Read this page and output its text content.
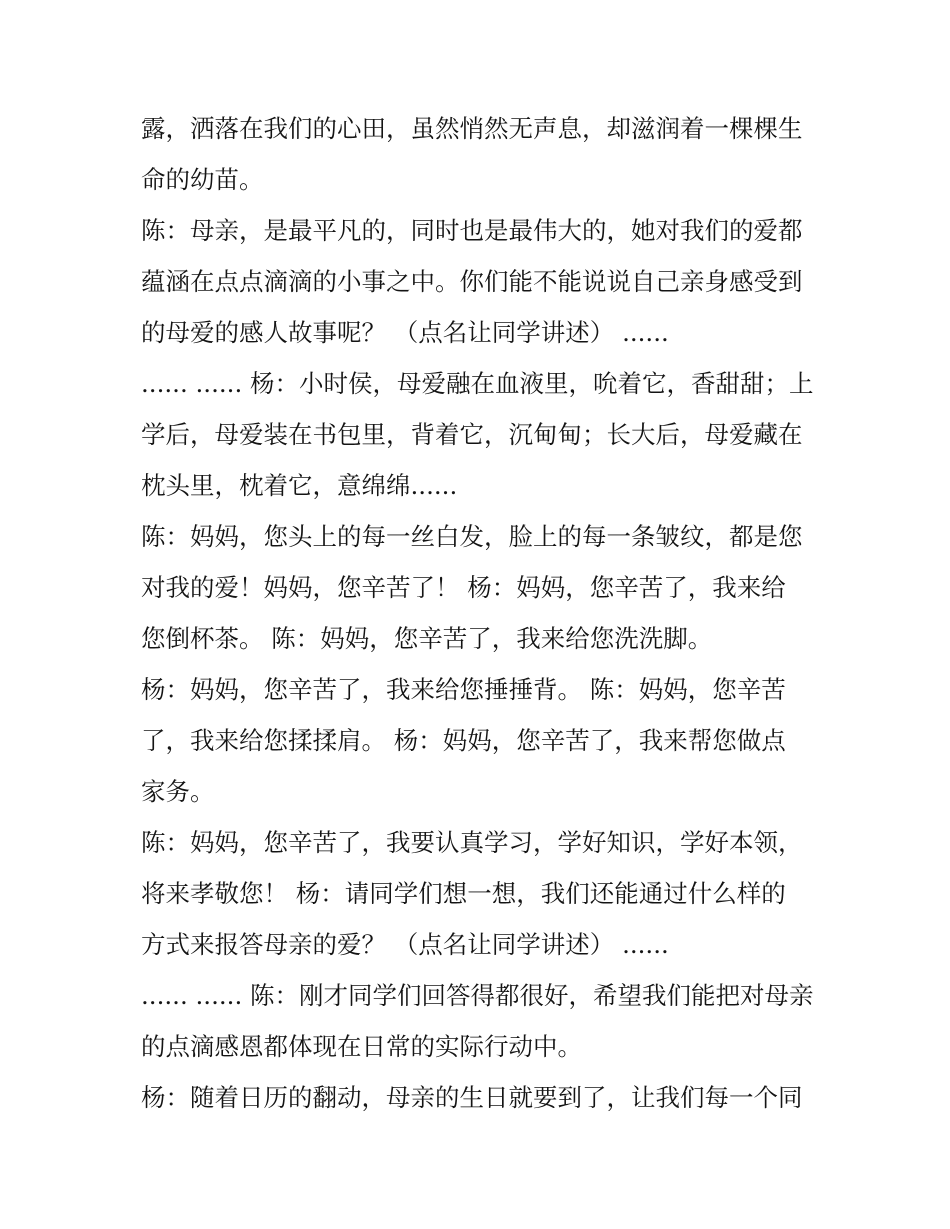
露，洒落在我们的心田，虽然悄然无声息，却滋润着一棵棵生
命的幼苗。
陈：母亲，是最平凡的，同时也是最伟大的，她对我们的爱都
蕴涵在点点滴滴的小事之中。你们能不能说说自己亲身感受到
的母爱的感人故事呢？ （点名让同学讲述） ......
...... ...... 杨：小时侯，母爱融在血液里，吮着它，香甜甜；上
学后，母爱装在书包里，背着它，沉甸甸；长大后，母爱藏在
枕头里，枕着它，意绵绵......
陈：妈妈，您头上的每一丝白发，脸上的每一条皱纹，都是您
对我的爱！妈妈，您辛苦了！ 杨：妈妈，您辛苦了，我来给
您倒杯茶。 陈：妈妈，您辛苦了，我来给您洗洗脚。
杨：妈妈，您辛苦了，我来给您捶捶背。 陈：妈妈，您辛苦
了，我来给您揉揉肩。 杨：妈妈，您辛苦了，我来帮您做点
家务。
陈：妈妈，您辛苦了，我要认真学习，学好知识，学好本领，
将来孝敬您！ 杨：请同学们想一想，我们还能通过什么样的
方式来报答母亲的爱？ （点名让同学讲述） ......
...... ...... 陈：刚才同学们回答得都很好，希望我们能把对母亲
的点滴感恩都体现在日常的实际行动中。
杨：随着日历的翻动，母亲的生日就要到了，让我们每一个同
